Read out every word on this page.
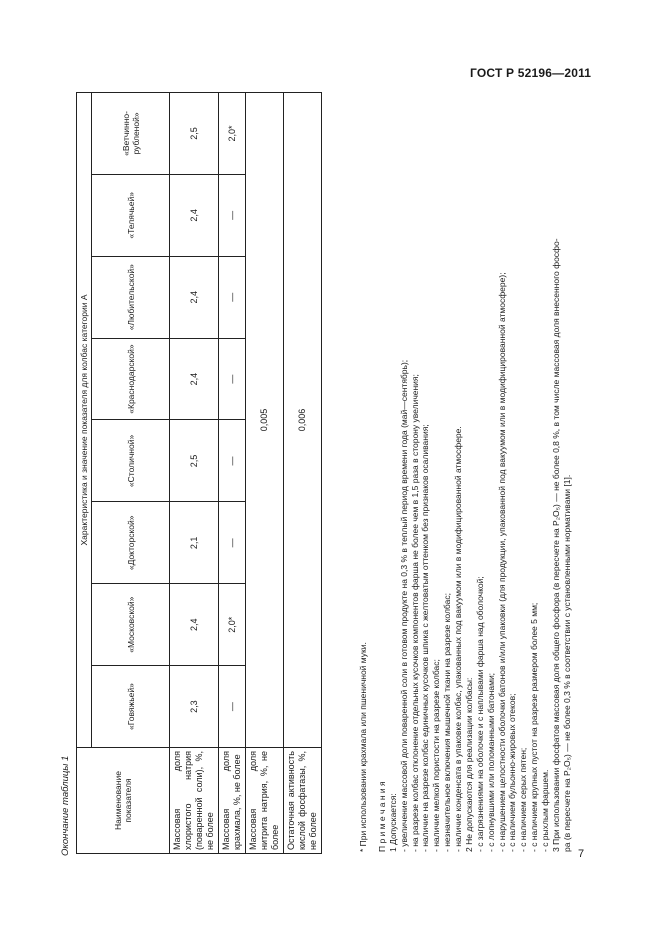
ГОСТ Р 52196—2011
Окончание таблицы 1	Наименование показателя	Характеристика и значение показателя для колбас категории А							
	«Говяжьей»	«Московской»	«Докторской»	«Столичной»	«Краснодарской»	«Любительской»	«Телячьей»	«Ветчинно-рубленой»
Массовая доля хлористого натрия (поваренной соли), %, не более	2,3	2,4	2,1	2,5	2,4	2,4	2,4	2,5
Массовая доля крахмала, %, не более	—	2,0*	—	—	—	—	—	2,0*
Массовая доля нитрита натрия, %, не более	0,005							
Остаточная активность кислой фосфатазы, %, не более	0,006							
* При использовании крахмала или пшеничной муки. П р и м е ч а н и я 1 Допускается: - увеличение массовой доли поваренной соли в готовом продукте на 0,3 % в теплый период времени года (май—сентябрь); - на разрезе колбас отклонение отдельных кусочков компонентов фарша не более чем в 1,5 раза в сторону увеличения; - наличие на разрезе колбас единичных кусочков шпика с желтоватым оттенком без признаков осаливания; - наличие мелкой пористости на разрезе колбас; - незначительное включения мышечной ткани на разрезе колбас; - наличие конденсата в упаковке колбас, упакованных под вакуумом или в модифицированной атмосфере. 2 Не допускаются для реализации колбасы: - с загрязнениями на оболочке и с наплывами фарша над оболочкой; - с лопнувшими или поломанными батонами; - с нарушением целостности оболочки батонов и/или упаковки (для продукции, упакованной под вакуумом или в модифицированной атмосфере); - с наличием бульонно-жировых отеков; - с наличием серых пятен; - с наличием крупных пустот на разрезе размером более 5 мм; - с рыхлым фаршем. 3 При использовании фосфатов массовая доля общего фосфора (в пересчете на P₂O₅) — не более 0,8 %, в том числе массовая доля внесенного фосфо- ра (в пересчете на P₂O₅) — не более 0,3 % в соответствии с установленными нормативами [1].
7
